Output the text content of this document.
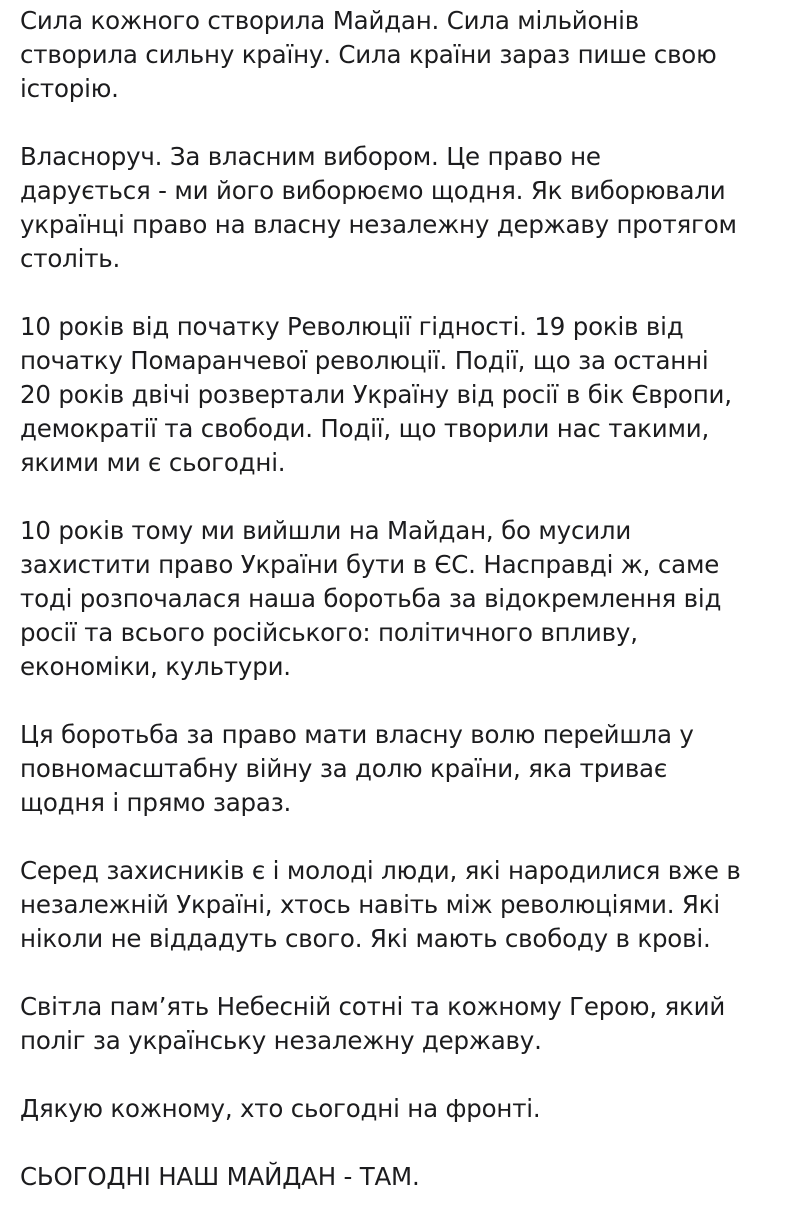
Сила кожного створила Майдан. Сила мільйонів
створила сильну країну. Сила країни зараз пише свою
історію.

Власноруч. За власним вибором. Це право не
дарується - ми його виборюємо щодня. Як виборювали
українці право на власну незалежну державу протягом
століть.

10 років від початку Революції гідності. 19 років від
початку Помаранчевої революції. Події, що за останні
20 років двічі розвертали Україну від росії в бік Європи,
демократії та свободи. Події, що творили нас такими,
якими ми є сьогодні.

10 років тому ми вийшли на Майдан, бо мусили
захистити право України бути в ЄС. Насправді ж, саме
тоді розпочалася наша боротьба за відокремлення від
росії та всього російського: політичного впливу,
економіки, культури.

Ця боротьба за право мати власну волю перейшла у
повномасштабну війну за долю країни, яка триває
щодня і прямо зараз.

Серед захисників є і молоді люди, які народилися вже в
незалежній Україні, хтось навіть між революціями. Які
ніколи не віддадуть свого. Які мають свободу в крові.

Світла пам’ять Небесній сотні та кожному Герою, який
поліг за українську незалежну державу.

Дякую кожному, хто сьогодні на фронті.

СЬОГОДНІ НАШ МАЙДАН - ТАМ.
